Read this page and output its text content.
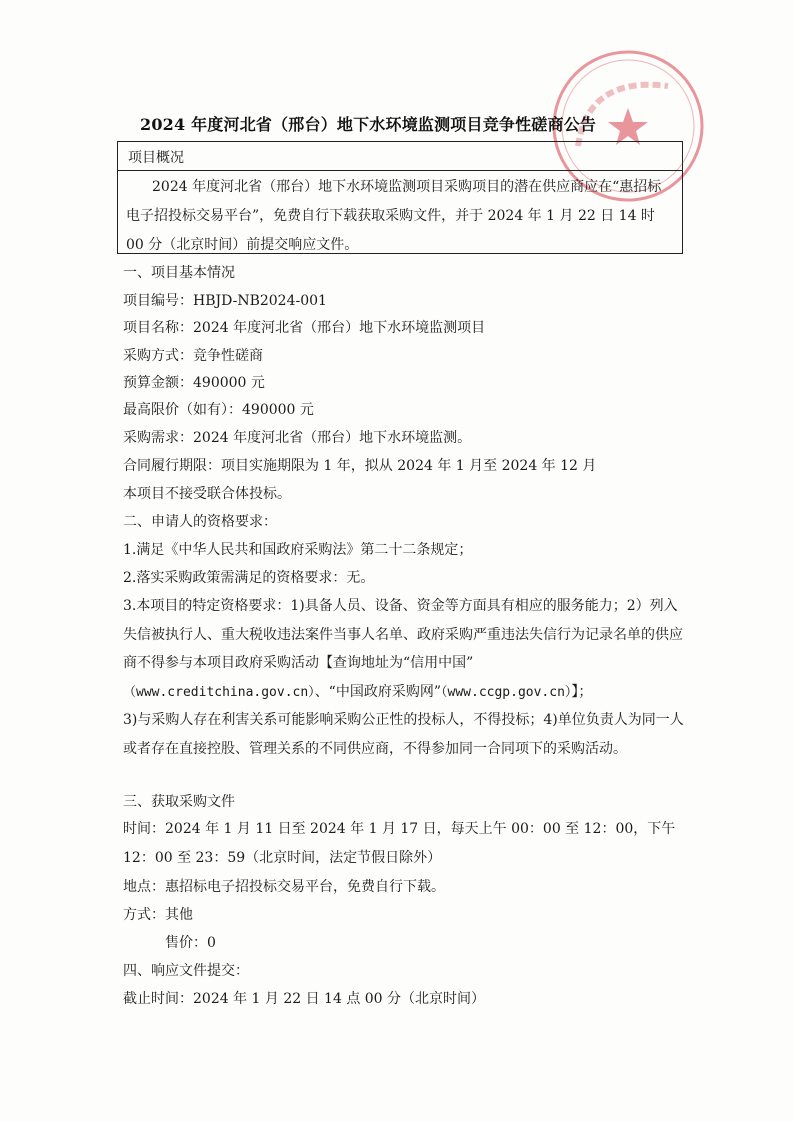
2024 年度河北省（邢台）地下水环境监测项目竞争性磋商公告
项目概况
2024 年度河北省（邢台）地下水环境监测项目采购项目的潜在供应商应在“惠招标电子招投标交易平台”，免费自行下载获取采购文件，并于 2024 年 1 月 22 日 14 时 00 分（北京时间）前提交响应文件。
一、项目基本情况
项目编号：HBJD-NB2024-001
项目名称：2024 年度河北省（邢台）地下水环境监测项目
采购方式：竞争性磋商
预算金额：490000 元
最高限价（如有）：490000 元
采购需求：2024 年度河北省（邢台）地下水环境监测。
合同履行期限：项目实施期限为 1 年，拟从 2024 年 1 月至 2024 年 12 月
本项目不接受联合体投标。
二、申请人的资格要求：
1.满足《中华人民共和国政府采购法》第二十二条规定；
2.落实采购政策需满足的资格要求：无。
3.本项目的特定资格要求：1)具备人员、设备、资金等方面具有相应的服务能力；2）列入失信被执行人、重大税收违法案件当事人名单、政府采购严重违法失信行为记录名单的供应商不得参与本项目政府采购活动【查询地址为“信用中国”
（www.creditchina.gov.cn）、“中国政府采购网”（www.ccgp.gov.cn）】；
3)与采购人存在利害关系可能影响采购公正性的投标人，不得投标；4)单位负责人为同一人或者存在直接控股、管理关系的不同供应商，不得参加同一合同项下的采购活动。
三、获取采购文件
时间：2024 年 1 月 11 日至 2024 年 1 月 17 日，每天上午 00：00 至 12：00，下午 12：00 至 23：59（北京时间，法定节假日除外）
地点：惠招标电子招投标交易平台，免费自行下载。
方式：其他
售价：0
四、响应文件提交：
截止时间：2024 年 1 月 22 日 14 点 00 分（北京时间）
